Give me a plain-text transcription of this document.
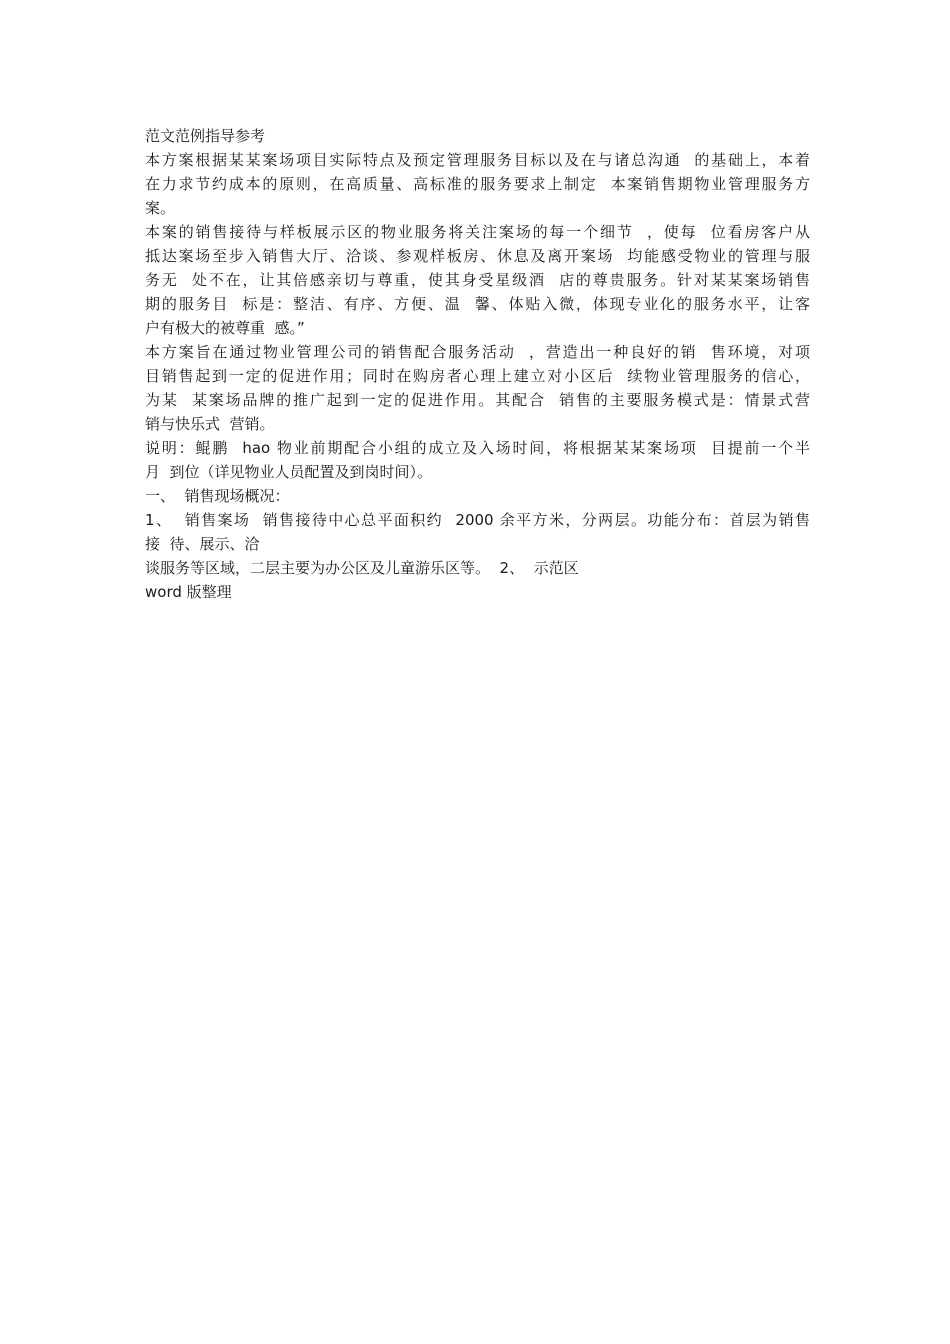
范文范例指导参考
本方案根据某某案场项目实际特点及预定管理服务目标以及在与诸总沟通  的基础上，本着
在力求节约成本的原则，在高质量、高标准的服务要求上制定  本案销售期物业管理服务方
案。
本案的销售接待与样板展示区的物业服务将关注案场的每一个细节  ，使每  位看房客户从
抵达案场至步入销售大厅、洽谈、参观样板房、休息及离开案场  均能感受物业的管理与服
务无  处不在，让其倍感亲切与尊重，使其身受星级酒  店的尊贵服务。针对某某案场销售
期的服务目  标是：整洁、有序、方便、温  馨、体贴入微，体现专业化的服务水平，让客
户有极大的被尊重  感。”
本方案旨在通过物业管理公司的销售配合服务活动  ，营造出一种良好的销  售环境，对项
目销售起到一定的促进作用；同时在购房者心理上建立对小区后  续物业管理服务的信心，
为某  某案场品牌的推广起到一定的促进作用。其配合  销售的主要服务模式是：情景式营
销与快乐式  营销。
说明：鲲鹏  hao 物业前期配合小组的成立及入场时间，将根据某某案场项  目提前一个半
月  到位（详见物业人员配置及到岗时间）。
一、  销售现场概况：
1、  销售案场  销售接待中心总平面积约  2000 余平方米，分两层。功能分布：首层为销售
接  待、展示、洽
谈服务等区域，二层主要为办公区及儿童游乐区等。  2、  示范区
word 版整理
